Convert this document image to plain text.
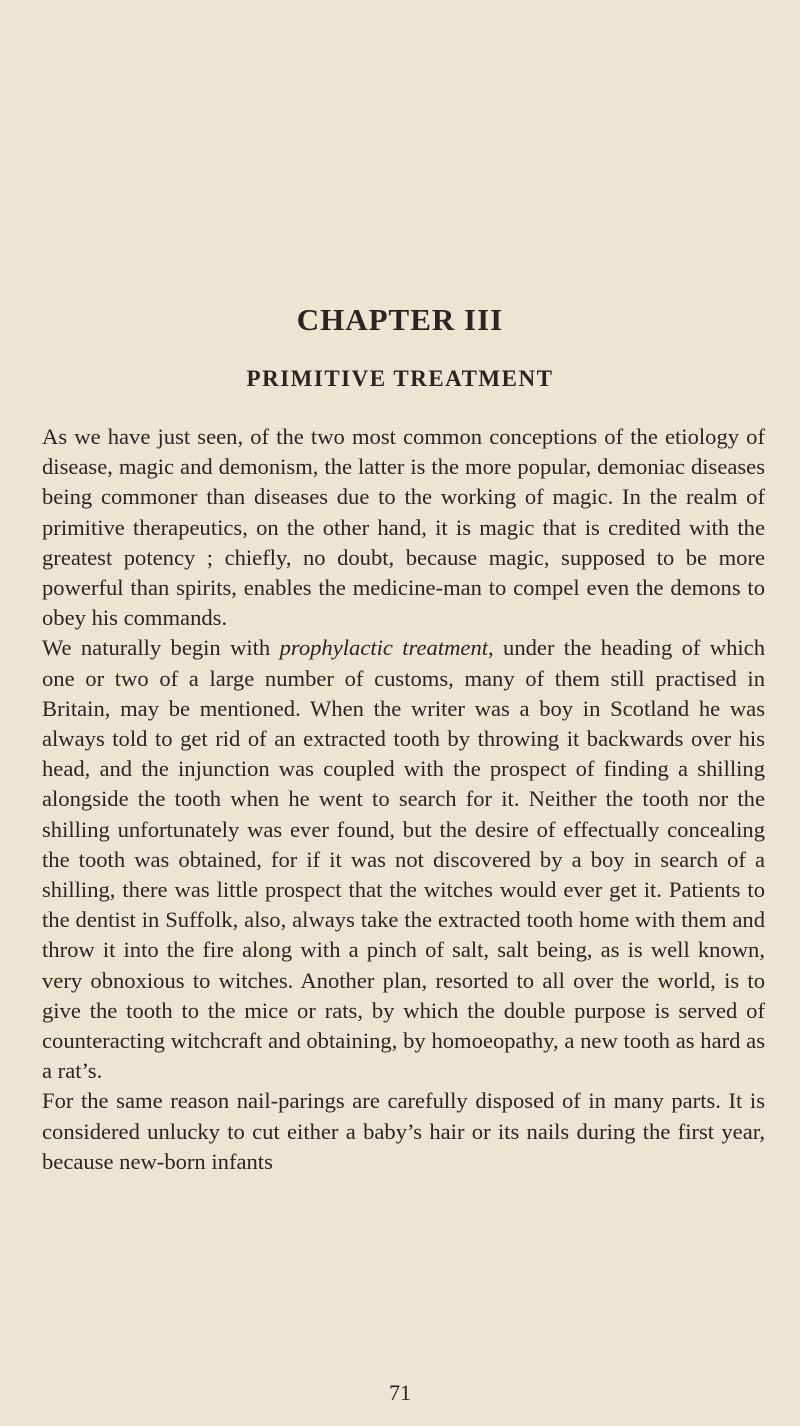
CHAPTER III
PRIMITIVE TREATMENT

As we have just seen, of the two most common conceptions of the etiology of disease, magic and demonism, the latter is the more popular, demoniac diseases being commoner than diseases due to the working of magic. In the realm of primitive therapeutics, on the other hand, it is magic that is credited with the greatest potency ; chiefly, no doubt, because magic, supposed to be more powerful than spirits, enables the medicine-man to compel even the demons to obey his commands.

We naturally begin with prophylactic treatment, under the heading of which one or two of a large number of customs, many of them still practised in Britain, may be mentioned. When the writer was a boy in Scotland he was always told to get rid of an extracted tooth by throwing it backwards over his head, and the injunction was coupled with the prospect of finding a shilling alongside the tooth when he went to search for it. Neither the tooth nor the shilling unfortunately was ever found, but the desire of effectually concealing the tooth was obtained, for if it was not discovered by a boy in search of a shilling, there was little prospect that the witches would ever get it. Patients to the dentist in Suffolk, also, always take the extracted tooth home with them and throw it into the fire along with a pinch of salt, salt being, as is well known, very obnoxious to witches. Another plan, resorted to all over the world, is to give the tooth to the mice or rats, by which the double purpose is served of counteracting witchcraft and obtaining, by homoeopathy, a new tooth as hard as a rat’s.

For the same reason nail-parings are carefully disposed of in many parts. It is considered unlucky to cut either a baby’s hair or its nails during the first year, because new-born infants

71
